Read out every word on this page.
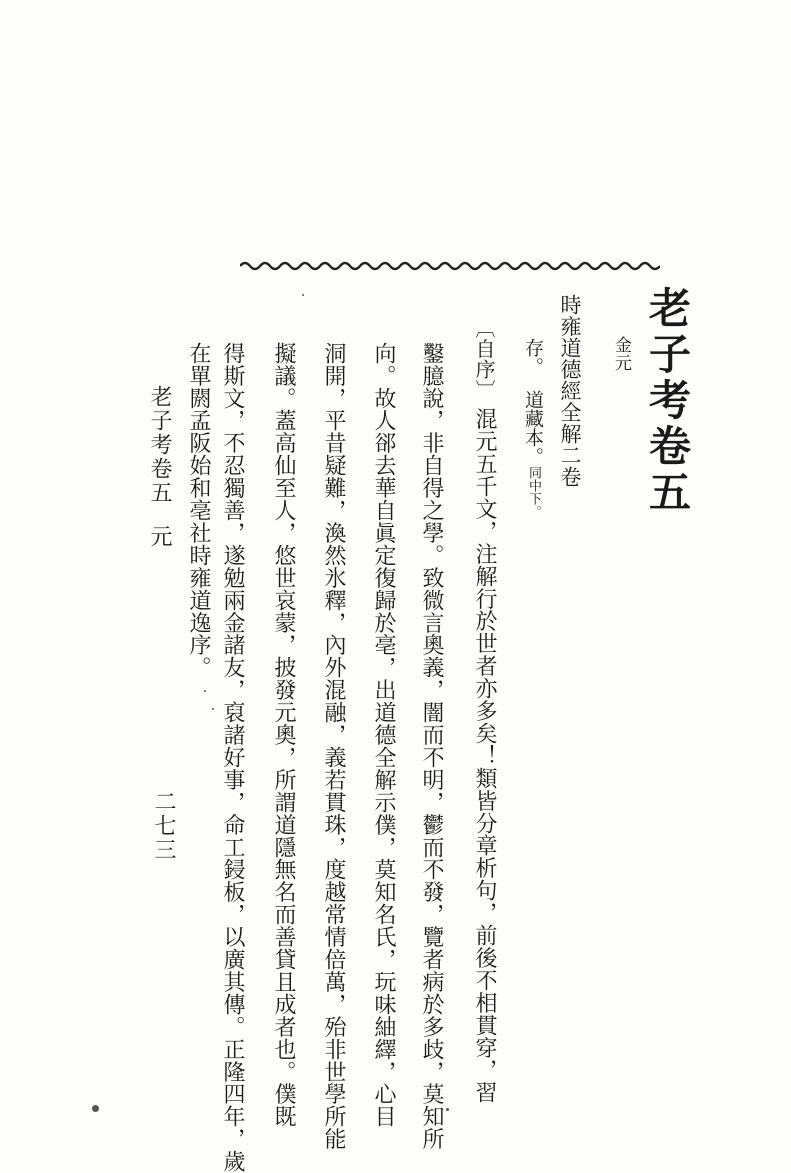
老子考卷五
金元
時雍道德經全解二卷
存。道藏本。同中下。
〔自序〕混元五千文，注解行於世者亦多矣！類皆分章析句，前後不相貫穿，習
鑿臆說，非自得之學。致微言奧義，闇而不明，鬱而不發，覽者病於多歧，莫知所
向。故人郤去華自眞定復歸於亳，出道德全解示僕，莫知名氏，玩味紬繹，心目
洞開，平昔疑難，渙然氷釋，內外混融，義若貫珠，度越常情倍萬，殆非世學所能
擬議。蓋高仙至人，悠世哀蒙，披發元奧，所謂道隱無名而善貸且成者也。僕既
得斯文，不忍獨善，遂勉兩金諸友，裒諸好事，命工鋟板，以廣其傳。正隆四年，歲
在單閼孟阪始和亳社時雍道逸序。
老子考卷五元
二七三
